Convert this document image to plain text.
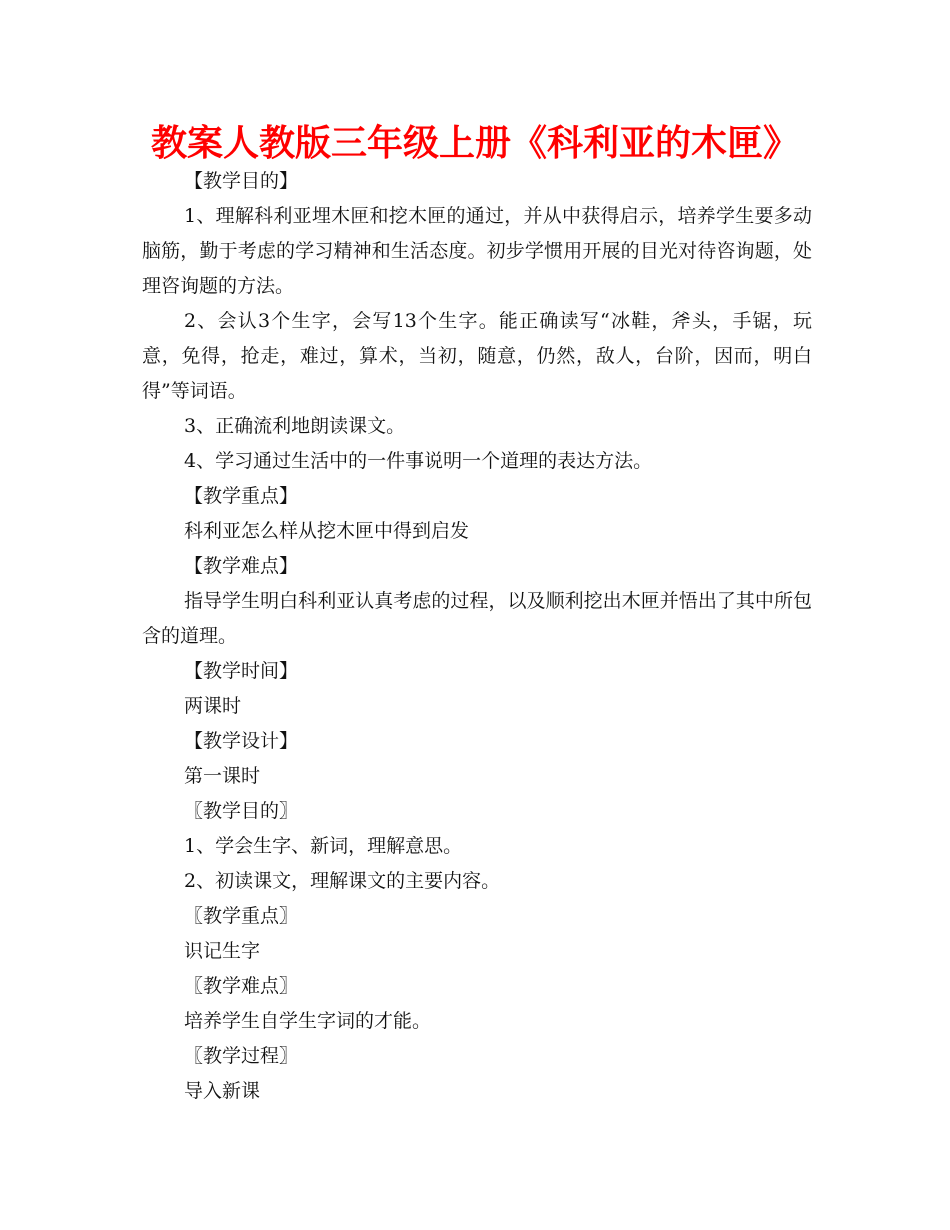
教案人教版三年级上册《科利亚的木匣》

【教学目的】

1、理解科利亚埋木匣和挖木匣的通过，并从中获得启示，培养学生要多动脑筋，勤于考虑的学习精神和生活态度。初步学惯用开展的目光对待咨询题，处理咨询题的方法。

2、会认3个生字，会写13个生字。能正确读写“冰鞋，斧头，手锯，玩意，免得，抢走，难过，算术，当初，随意，仍然，敌人，台阶，因而，明白得”等词语。

3、正确流利地朗读课文。

4、学习通过生活中的一件事说明一个道理的表达方法。

【教学重点】

科利亚怎么样从挖木匣中得到启发

【教学难点】

指导学生明白科利亚认真考虑的过程，以及顺利挖出木匣并悟出了其中所包含的道理。

【教学时间】

两课时

【教学设计】

第一课时

〖教学目的〗

1、学会生字、新词，理解意思。

2、初读课文，理解课文的主要内容。

〖教学重点〗

识记生字

〖教学难点〗

培养学生自学生字词的才能。

〖教学过程〗

导入新课
